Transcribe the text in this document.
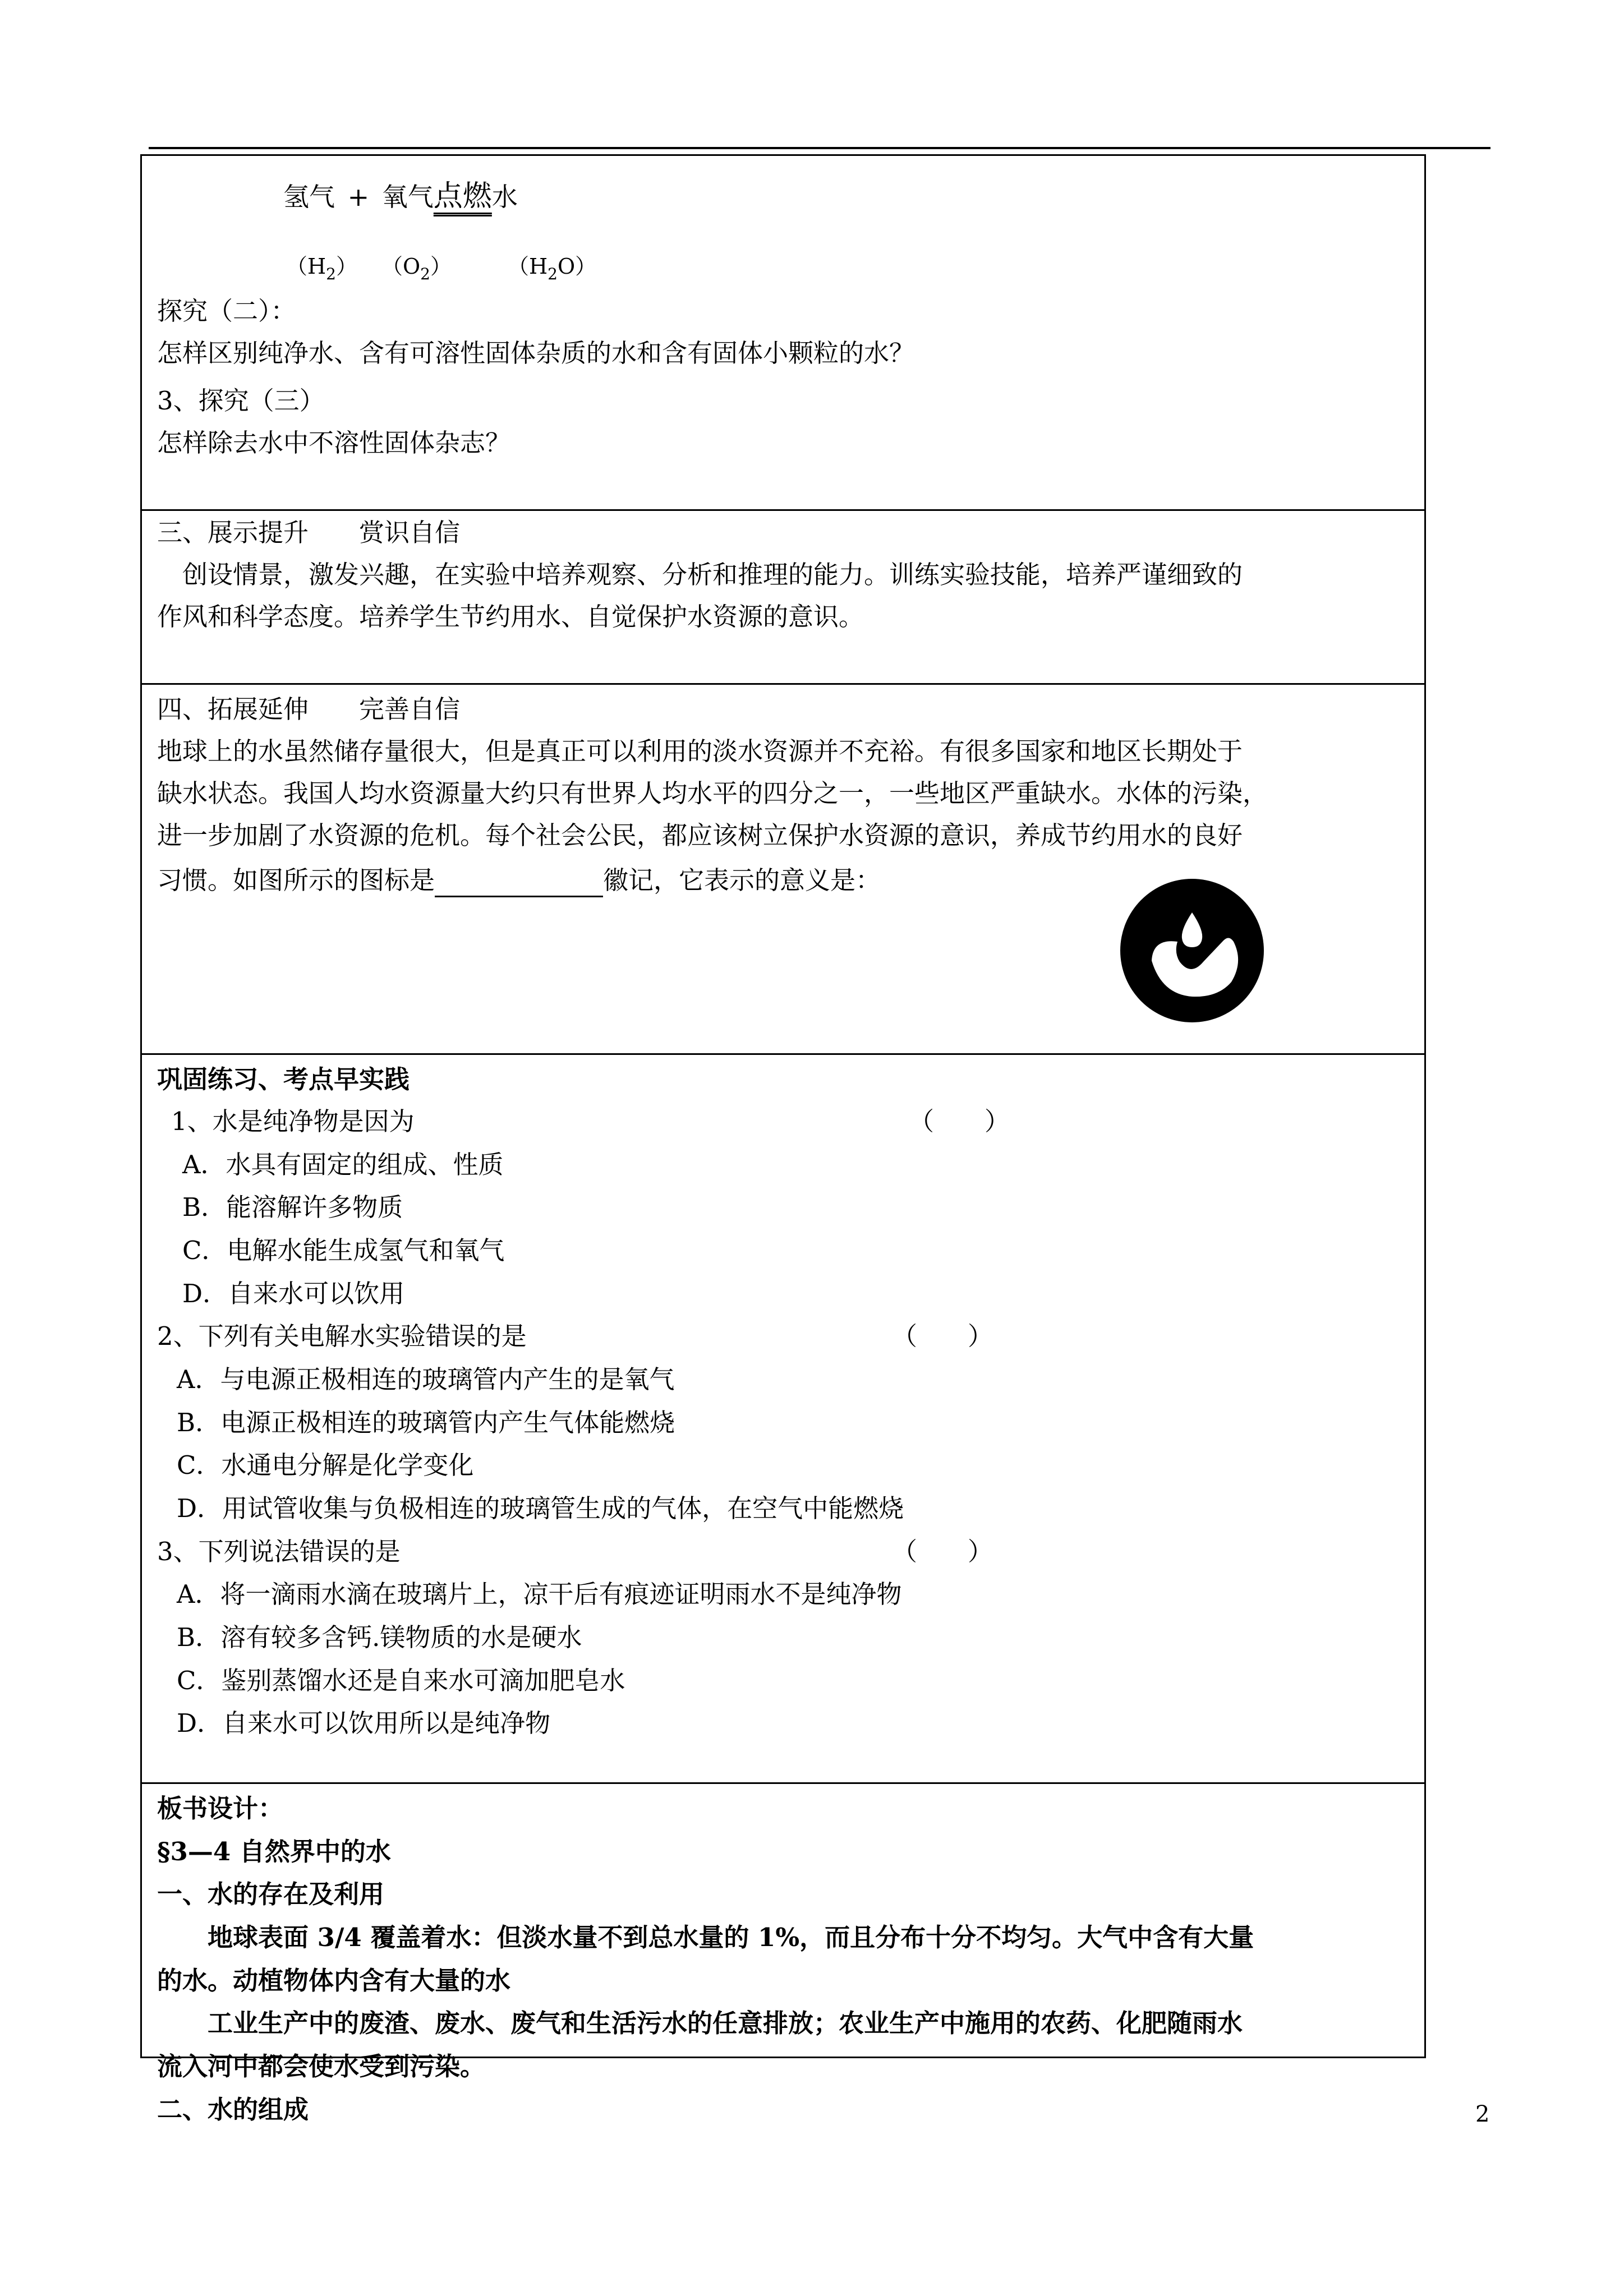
氢气 + 氧气点燃水
$(H_2)$ $(O_2)$	$(H_2O)$
探究（二）：
怎样区别纯净水、含有可溶性固体杂质的水和含有固体小颗粒的水？
3、探究（三）
怎样除去水中不溶性固体杂志？
三、展示提升　　赏识自信
　创设情景，激发兴趣，在实验中培养观察、分析和推理的能力。训练实验技能，培养严谨细致的
作风和科学态度。培养学生节约用水、自觉保护水资源的意识。
四、拓展延伸　　完善自信
地球上的水虽然储存量很大，但是真正可以利用的淡水资源并不充裕。有很多国家和地区长期处于
缺水状态。我国人均水资源量大约只有世界人均水平的四分之一，一些地区严重缺水。水体的污染，
进一步加剧了水资源的危机。每个社会公民，都应该树立保护水资源的意识，养成节约用水的良好
习惯。如图所示的图标是	徽记，它表示的意义是：
巩固练习、考点早实践
1、水是纯净物是因为	（　　）
A．水具有固定的组成、性质
B．能溶解许多物质
C．电解水能生成氢气和氧气
D．自来水可以饮用
2、下列有关电解水实验错误的是	（　　）
A．与电源正极相连的玻璃管内产生的是氧气
B．电源正极相连的玻璃管内产生气体能燃烧
C．水通电分解是化学变化
D．用试管收集与负极相连的玻璃管生成的气体，在空气中能燃烧
3、下列说法错误的是	（　　）
A．将一滴雨水滴在玻璃片上，凉干后有痕迹证明雨水不是纯净物
B．溶有较多含钙.镁物质的水是硬水
C．鉴别蒸馏水还是自来水可滴加肥皂水
D．自来水可以饮用所以是纯净物
板书设计：
§3—4 自然界中的水
一、水的存在及利用
　　地球表面 3/4 覆盖着水：但淡水量不到总水量的 1%，而且分布十分不均匀。大气中含有大量
的水。动植物体内含有大量的水
　　工业生产中的废渣、废水、废气和生活污水的任意排放；农业生产中施用的农药、化肥随雨水
流入河中都会使水受到污染。
二、水的组成	2
